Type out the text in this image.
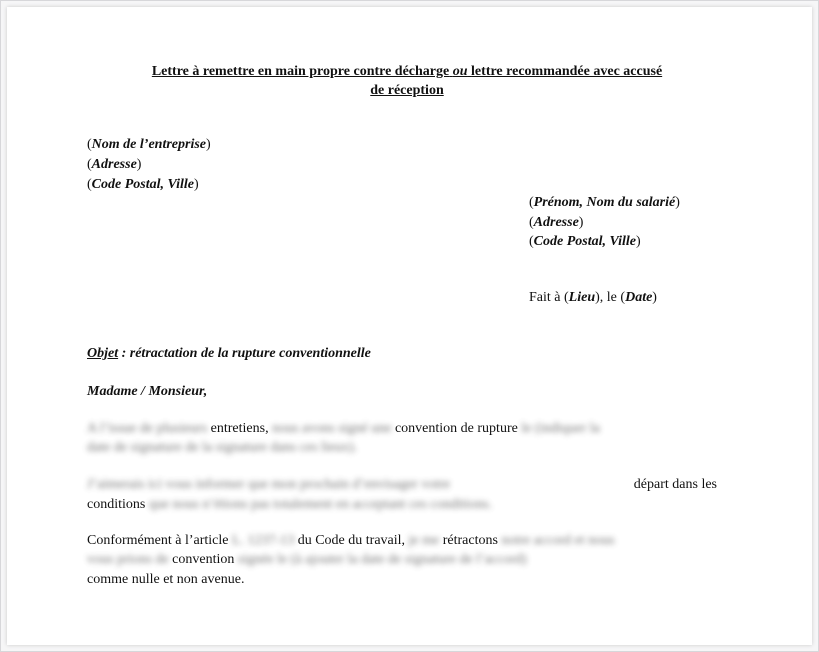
Lettre à remettre en main propre contre décharge ou lettre recommandée avec accusé
de réception
(Nom de l’entreprise)
(Adresse)
(Code Postal, Ville)
(Prénom, Nom du salarié)
(Adresse)
(Code Postal, Ville)
Fait à (Lieu), le (Date)
Objet : rétractation de la rupture conventionnelle
Madame / Monsieur,
A l’issue de plusieurs entretiens, nous avons signé une convention de rupture le (indiquer la
date de signature de la signature dans ces lieux).
J’aimerais ici vous informer que mon prochain d’envisager votre	départ dans les
conditions que nous n’étions pas totalement en acceptant ces conditions.
Conformément à l’article L. 1237-13 du Code du travail, je me rétractons notre accord et nous
vous prions de convention signée le (à ajouter la date de signature de l’accord)
comme nulle et non avenue.
